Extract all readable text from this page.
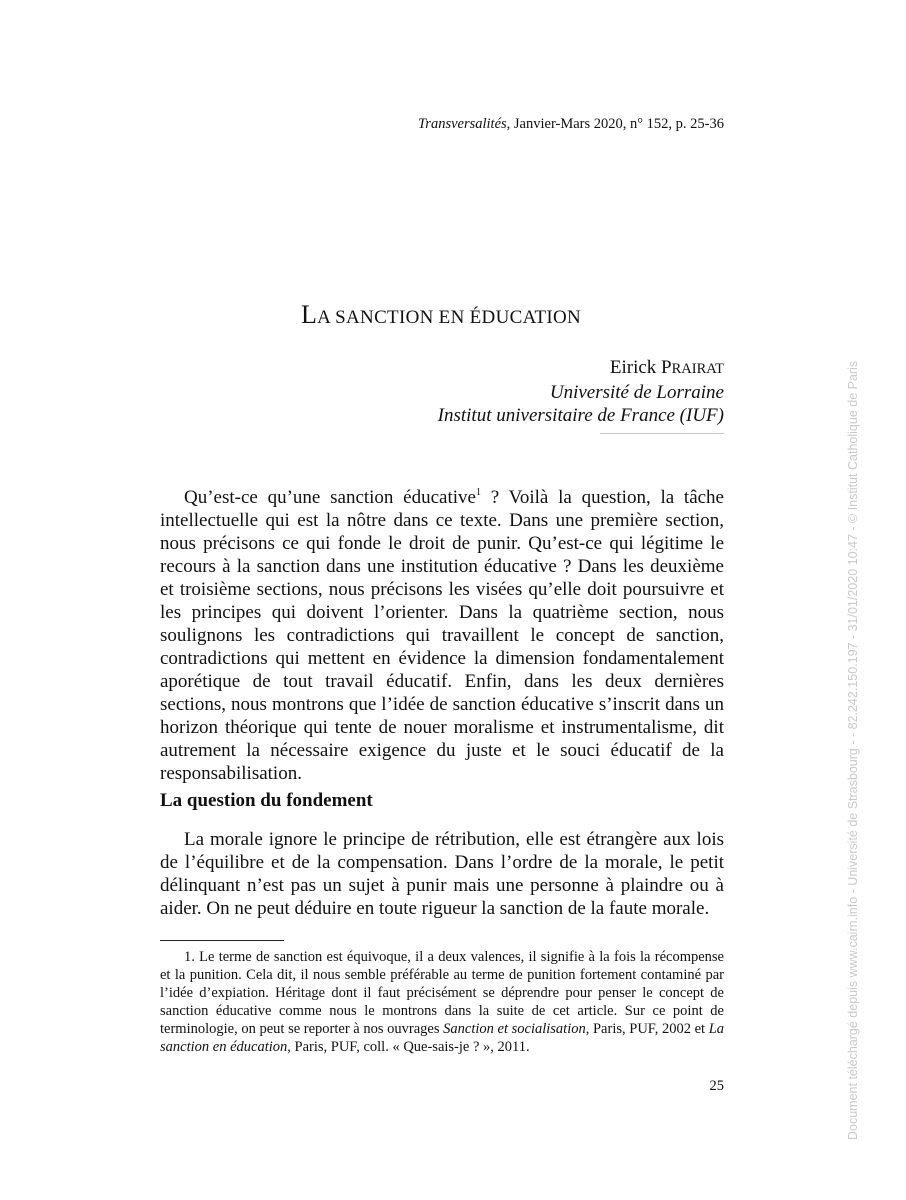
Transversalités, Janvier-Mars 2020, n° 152, p. 25-36
LA SANCTION EN ÉDUCATION
Eirick PRAIRAT
Université de Lorraine
Institut universitaire de France (IUF)

Qu’est-ce qu’une sanction éducative$^1$ ? Voilà la question, la tâche intellectuelle qui est la nôtre dans ce texte. Dans une première section, nous précisons ce qui fonde le droit de punir. Qu’est-ce qui légitime le recours à la sanction dans une institution éducative ? Dans les deuxième et troisième sections, nous précisons les visées qu’elle doit poursuivre et les principes qui doivent l’orienter. Dans la quatrième section, nous soulignons les contradictions qui travaillent le concept de sanction, contradictions qui mettent en évidence la dimension fondamentalement aporétique de tout travail éducatif. Enfin, dans les deux dernières sections, nous montrons que l’idée de sanction éducative s’inscrit dans un horizon théorique qui tente de nouer moralisme et instrumentalisme, dit autrement la nécessaire exigence du juste et le souci éducatif de la responsabilisation.

La question du fondement

La morale ignore le principe de rétribution, elle est étrangère aux lois de l’équilibre et de la compensation. Dans l’ordre de la morale, le petit délinquant n’est pas un sujet à punir mais une personne à plaindre ou à aider. On ne peut déduire en toute rigueur la sanction de la faute morale.

1. Le terme de sanction est équivoque, il a deux valences, il signifie à la fois la récompense et la punition. Cela dit, il nous semble préférable au terme de punition fortement contaminé par l’idée d’expiation. Héritage dont il faut précisément se déprendre pour penser le concept de sanction éducative comme nous le montrons dans la suite de cet article. Sur ce point de terminologie, on peut se reporter à nos ouvrages Sanction et socialisation, Paris, PUF, 2002 et La sanction en éducation, Paris, PUF, coll. « Que-sais-je ? », 2011.

25	Document téléchargé depuis www.cairn.info - Université de Strasbourg - - 82.242.150.197 - 31/01/2020 10:47 - © Institut Catholique de Paris
